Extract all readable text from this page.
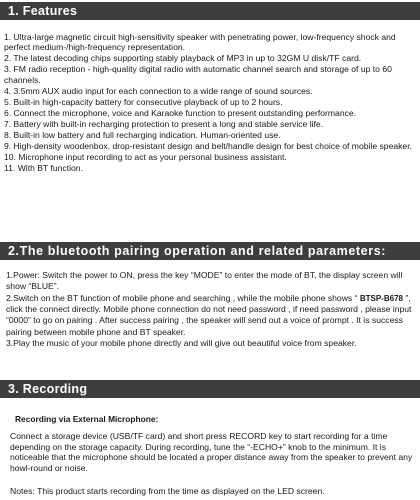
1. Features

1. Ultra-large magnetic circuit high-sensitivity speaker with penetrating power, low-frequency shock and perfect medium-/high-frequency representation.

2. The latest decoding chips supporting stably playback of MP3 in up to 32GM U disk/TF card.

3. FM radio reception - high-quality digital radio with automatic channel search and storage of up to 60 channels.

4. 3.5mm AUX audio input for each connection to a wide range of sound sources.

5. Built-in high-capacity battery for consecutive playback of up to 2 hours.

6. Connect the microphone, voice and Karaoke function to present outstanding performance.

7. Battery with built-in recharging protection to present a long and stable service life.

8. Built-in low battery and full recharging indication. Human-oriented use.

9. High-density woodenbox, drop-resistant design and belt/handle design for best choice of mobile speaker.

10. Microphone input recording to act as your personal business assistant.

11. With BT function.

2.The bluetooth pairing operation and related parameters:

1.Power: Switch the power to ON, press the key “MODE” to enter the mode of BT, the display screen will show “BLUE”.

2.Switch on the BT function of mobile phone and searching , while the mobile phone shows “ BTSP-B678 ”, click the connect directly. Mobile phone connection do not need password , if need password , please input “0000” to go on pairing . After success pairing , the speaker will send out a voice of prompt . It is success pairing between mobile phone and BT speaker.

3.Play the music of your mobile phone directly and will give out beautiful voice from speaker.

3. Recording
Recording via External Microphone:
Connect a storage device (USB/TF card) and short press RECORD key to start recording for a time depending on the storage capacity. During recording, tune the “-ECHO+” knob to the minimum. It is noticeable that the microphone should be located a proper distance away from the speaker to prevent any howl-round or noise.
Notes: This product starts recording from the time as displayed on the LED screen.
